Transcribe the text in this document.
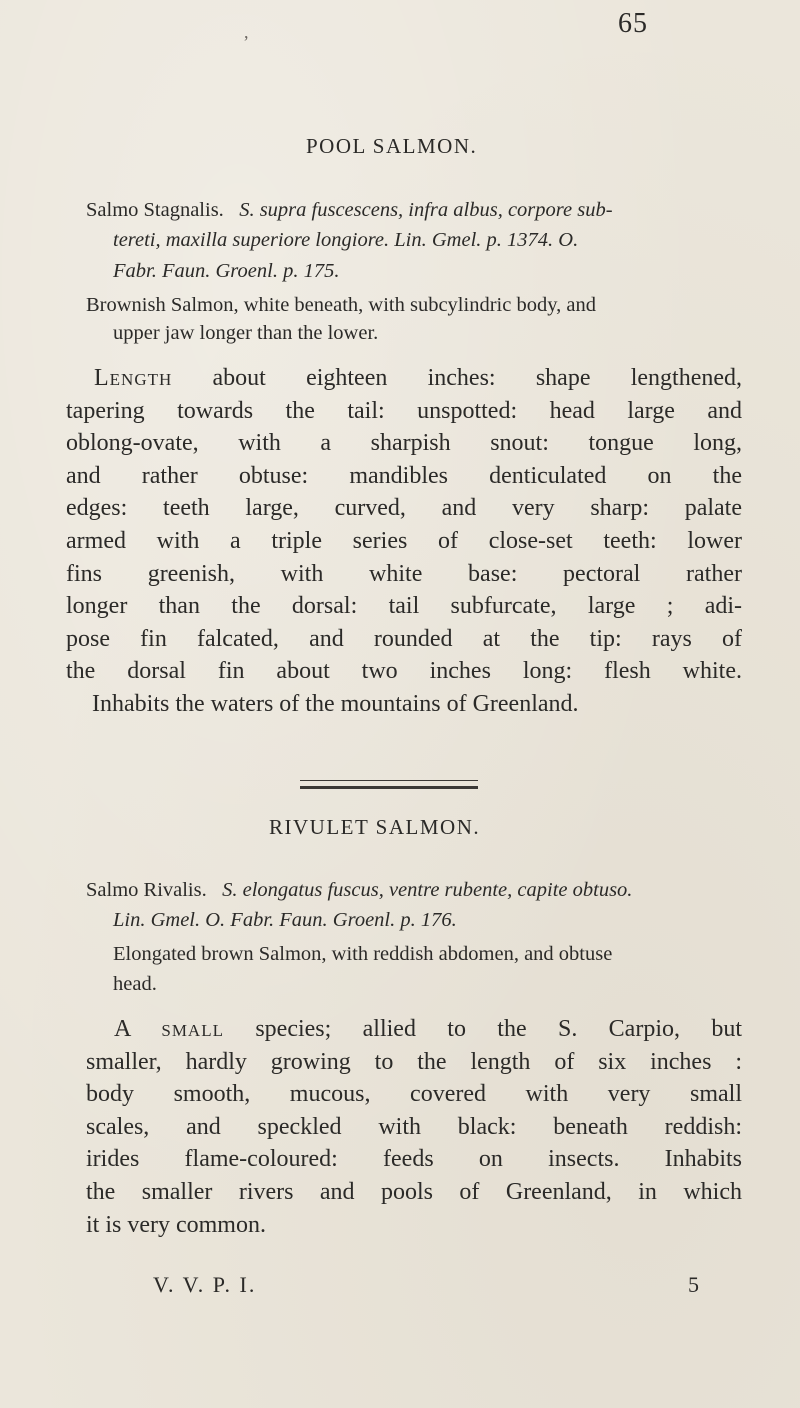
,	65
POOL SALMON.
Salmo Stagnalis. S. supra fuscescens, infra albus, corpore sub-
tereti, maxilla superiore longiore. Lin. Gmel. p. 1374. O.
Fabr. Faun. Groenl. p. 175.
Brownish Salmon, white beneath, with subcylindric body, and
upper jaw longer than the lower.
Length about eighteen inches: shape lengthened,
tapering towards the tail: unspotted: head large and
oblong-ovate, with a sharpish snout: tongue long,
and rather obtuse: mandibles denticulated on the
edges: teeth large, curved, and very sharp: palate
armed with a triple series of close-set teeth: lower
fins greenish, with white base: pectoral rather
longer than the dorsal: tail subfurcate, large ; adi-
pose fin falcated, and rounded at the tip: rays of
the dorsal fin about two inches long: flesh white.
Inhabits the waters of the mountains of Greenland.
RIVULET SALMON.
Salmo Rivalis. S. elongatus fuscus, ventre rubente, capite obtuso.
Lin. Gmel. O. Fabr. Faun. Groenl. p. 176.
Elongated brown Salmon, with reddish abdomen, and obtuse
head.
A small species; allied to the S. Carpio, but
smaller, hardly growing to the length of six inches :
body smooth, mucous, covered with very small
scales, and speckled with black: beneath reddish:
irides flame-coloured: feeds on insects. Inhabits
the smaller rivers and pools of Greenland, in which
it is very common.
V. V. P. I.	5
